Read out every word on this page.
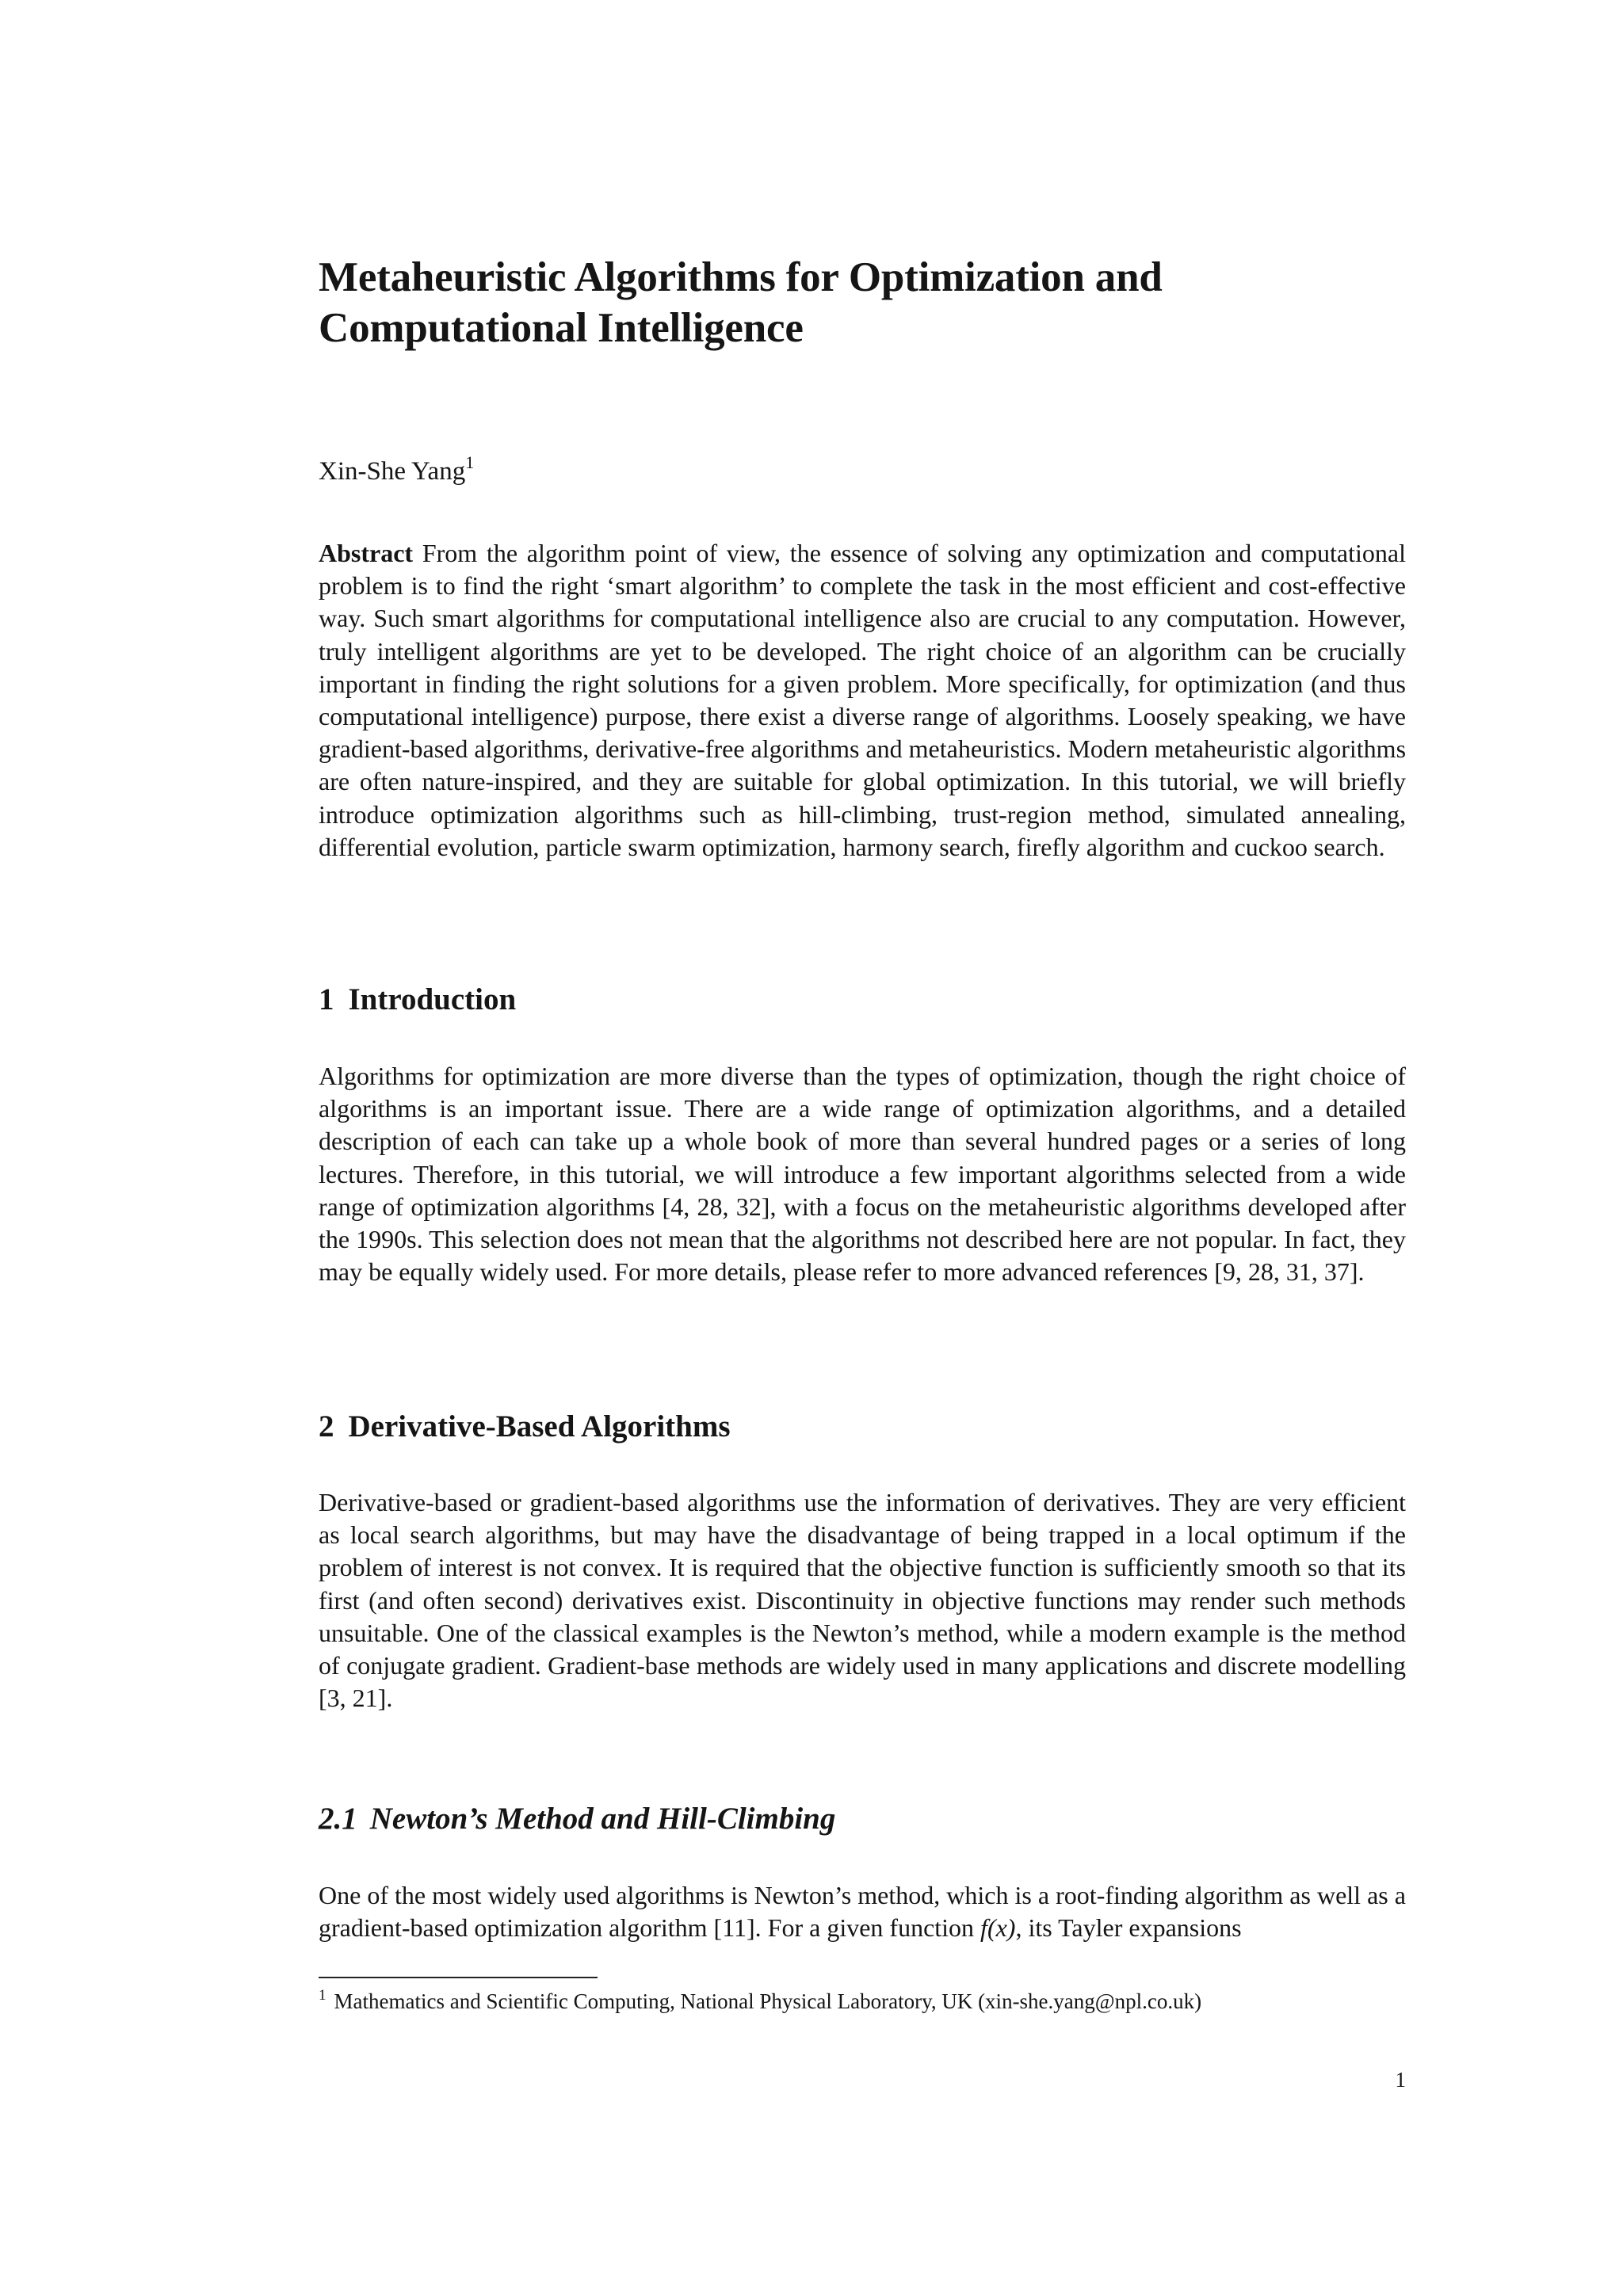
Metaheuristic Algorithms for Optimization and
Computational Intelligence
Xin-She Yang$^1$

Abstract From the algorithm point of view, the essence of solving any optimization and computational problem is to find the right ‘smart algorithm’ to complete the task in the most efficient and cost-effective way. Such smart algorithms for computational intelligence also are crucial to any computation. However, truly intelligent algorithms are yet to be developed. The right choice of an algorithm can be crucially important in finding the right solutions for a given problem. More specifically, for optimization (and thus computational intelligence) purpose, there exist a diverse range of algorithms. Loosely speaking, we have gradient-based algorithms, derivative-free algorithms and metaheuristics. Modern metaheuristic algorithms are often nature-inspired, and they are suitable for global optimization. In this tutorial, we will briefly introduce optimization algorithms such as hill-climbing, trust-region method, simulated annealing, differential evolution, particle swarm optimization, harmony search, firefly algorithm and cuckoo search.

1 Introduction

Algorithms for optimization are more diverse than the types of optimization, though the right choice of algorithms is an important issue. There are a wide range of optimization algorithms, and a detailed description of each can take up a whole book of more than several hundred pages or a series of long lectures. Therefore, in this tutorial, we will introduce a few important algorithms selected from a wide range of optimization algorithms [4, 28, 32], with a focus on the metaheuristic algorithms developed after the 1990s. This selection does not mean that the algorithms not described here are not popular. In fact, they may be equally widely used. For more details, please refer to more advanced references [9, 28, 31, 37].

2 Derivative-Based Algorithms

Derivative-based or gradient-based algorithms use the information of derivatives. They are very efficient as local search algorithms, but may have the disadvantage of being trapped in a local optimum if the problem of interest is not convex. It is required that the objective function is sufficiently smooth so that its first (and often second) derivatives exist. Discontinuity in objective functions may render such methods unsuitable. One of the classical examples is the Newton’s method, while a modern example is the method of conjugate gradient. Gradient-base methods are widely used in many applications and discrete modelling [3, 21].

2.1 Newton’s Method and Hill-Climbing

One of the most widely used algorithms is Newton’s method, which is a root-finding algorithm as well as a gradient-based optimization algorithm [11]. For a given function f(x), its Tayler expansions

$^1$ Mathematics and Scientific Computing, National Physical Laboratory, UK (xin-she.yang@npl.co.uk)
1
